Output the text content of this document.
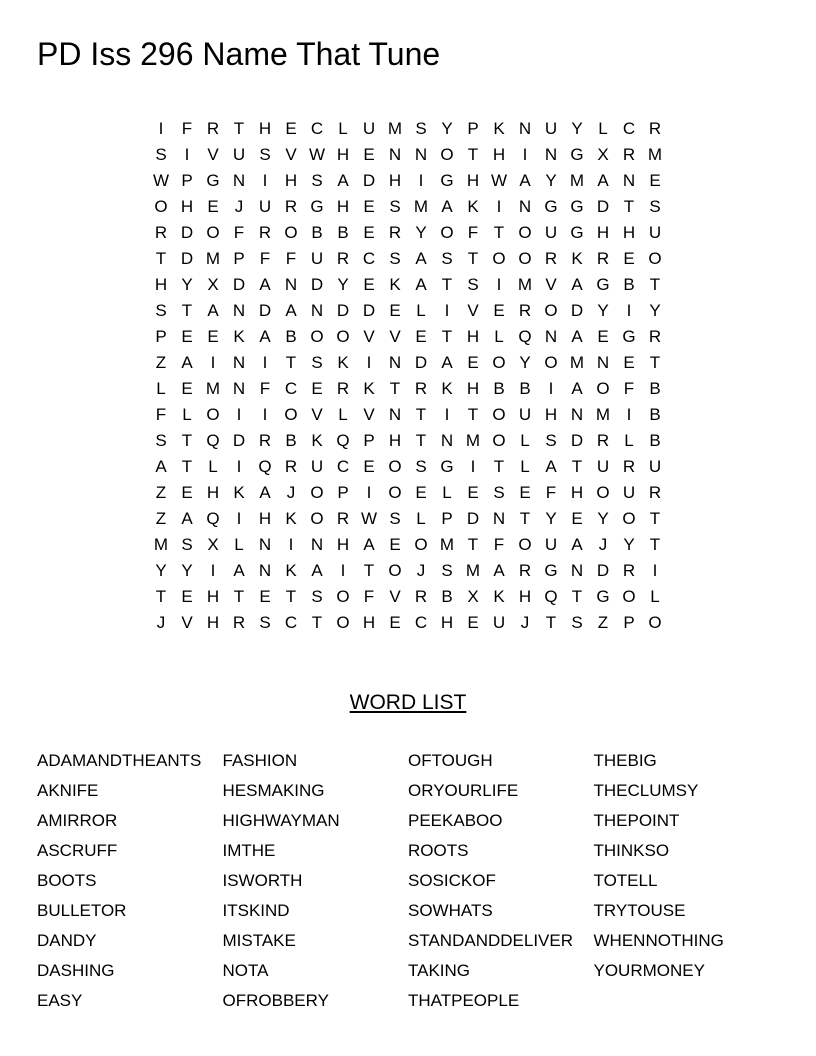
PD Iss 296 Name That Tune
I	F R T H E C L U M S Y P K N U Y L C R
S	I	V U S V W H E N N O T H	I	N G X R M
W P G N	I	H S A D H	I	G H W A Y M A N E
O H E J U R G H E S M A K	I	N G G D T S
R D O F R O B B E R Y O F T O U G H H U
T D M P F F U R C S A S T O O R K R E O
H Y X D A N D Y E K A T S	I M V A G B T
S T A N D A N D D E L	I	V E R O D Y	I	Y
P E E K A B O O V V E T H L Q N A E G R
Z A	I	N	I	T S K	I	N D A E O Y O M N E T
L E M N F C E R K T R K H B B	I	A O F B
F L O	I	I	O V L V N T	I	T O U H N M I	B
S T Q D R B K Q P H T N M O L S D R L B
A T L	I	Q R U C E O S G	I	T L A T U R U
Z E H K A J O P	I	O E L E S E F H O U R
Z A Q	I	H K O R W S L P D N T Y E Y O T
M S X L N	I	N H A E O M T F O U A J Y T
Y Y	I	A N K A	I	T O J S M A R G N D R	I
T E H T E T S O F V R B X K H Q T G O L
J V H R S C T O H E C H E U J T S Z P O
WORD LIST
ADAMANDTHEANTS
AKNIFE
AMIRROR
ASCRUFF
BOOTS
BULLETOR
DANDY
DASHING
EASY
FASHION
HESMAKING
HIGHWAYMAN
IMTHE
ISWORTH
ITSKIND
MISTAKE
NOTA
OFROBBERY
OFTOUGH
ORYOURLIFE
PEEKABOO
ROOTS
SOSICKOF
SOWHATS
STANDANDDELIVER
TAKING
THATPEOPLE
THEBIG
THECLUMSY
THEPOINT
THINKSO
TOTELL
TRYTOUSE
WHENNOTHING
YOURMONEY
